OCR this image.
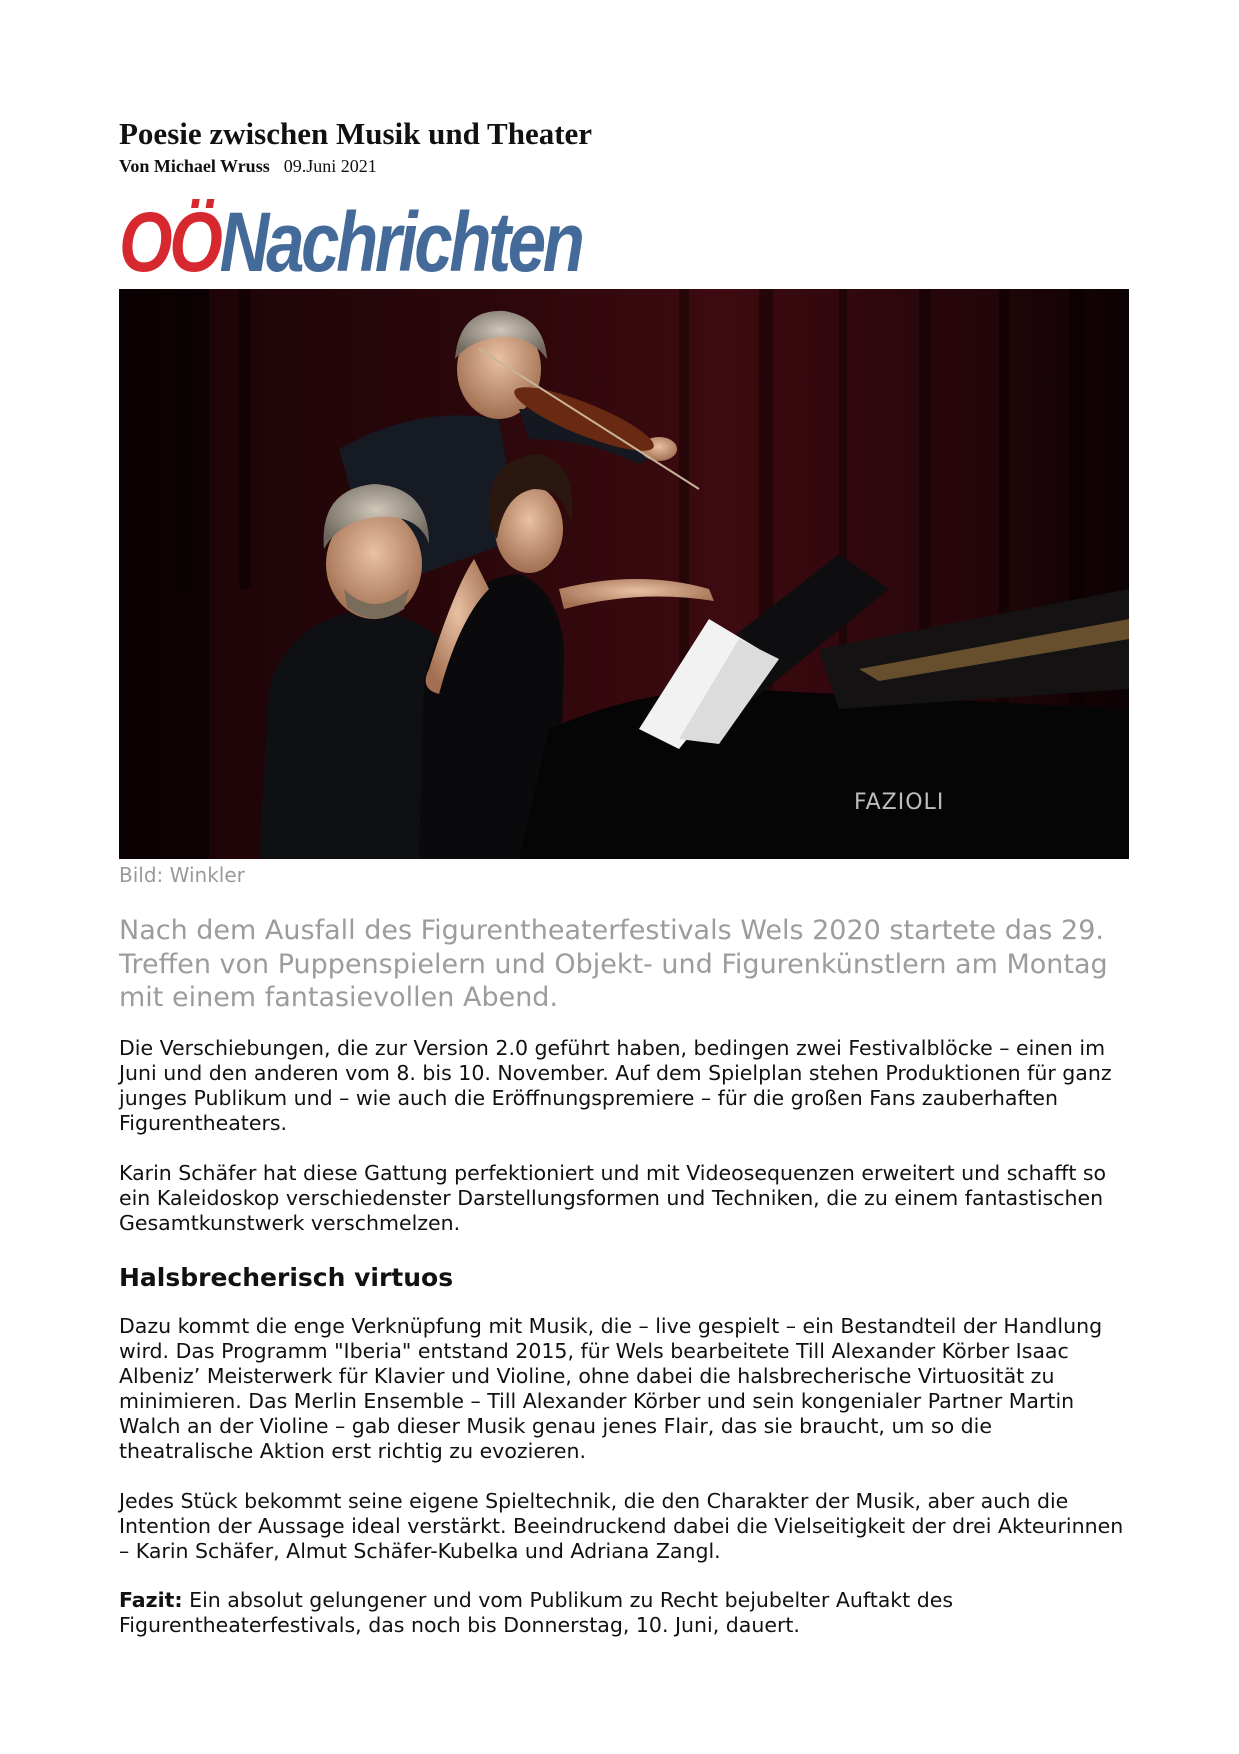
Poesie zwischen Musik und Theater
Von Michael Wruss 09.Juni 2021
OÖNachrichten
FAZIOLI
Bild: Winkler

Nach dem Ausfall des Figurentheaterfestivals Wels 2020 startete das 29. Treffen von Puppenspielern und Objekt- und Figurenkünstlern am Montag mit einem fantasievollen Abend.

Die Verschiebungen, die zur Version 2.0 geführt haben, bedingen zwei Festivalblöcke – einen im Juni und den anderen vom 8. bis 10. November. Auf dem Spielplan stehen Produktionen für ganz junges Publikum und – wie auch die Eröffnungspremiere – für die großen Fans zauberhaften Figurentheaters.

Karin Schäfer hat diese Gattung perfektioniert und mit Videosequenzen erweitert und schafft so ein Kaleidoskop verschiedenster Darstellungsformen und Techniken, die zu einem fantastischen Gesamtkunstwerk verschmelzen.

Halsbrecherisch virtuos

Dazu kommt die enge Verknüpfung mit Musik, die – live gespielt – ein Bestandteil der Handlung wird. Das Programm "Iberia" entstand 2015, für Wels bearbeitete Till Alexander Körber Isaac Albeniz’ Meisterwerk für Klavier und Violine, ohne dabei die halsbrecherische Virtuosität zu minimieren. Das Merlin Ensemble – Till Alexander Körber und sein kongenialer Partner Martin Walch an der Violine – gab dieser Musik genau jenes Flair, das sie braucht, um so die theatralische Aktion erst richtig zu evozieren.

Jedes Stück bekommt seine eigene Spieltechnik, die den Charakter der Musik, aber auch die Intention der Aussage ideal verstärkt. Beeindruckend dabei die Vielseitigkeit der drei Akteurinnen – Karin Schäfer, Almut Schäfer-Kubelka und Adriana Zangl.

Fazit: Ein absolut gelungener und vom Publikum zu Recht bejubelter Auftakt des Figurentheaterfestivals, das noch bis Donnerstag, 10. Juni, dauert.
